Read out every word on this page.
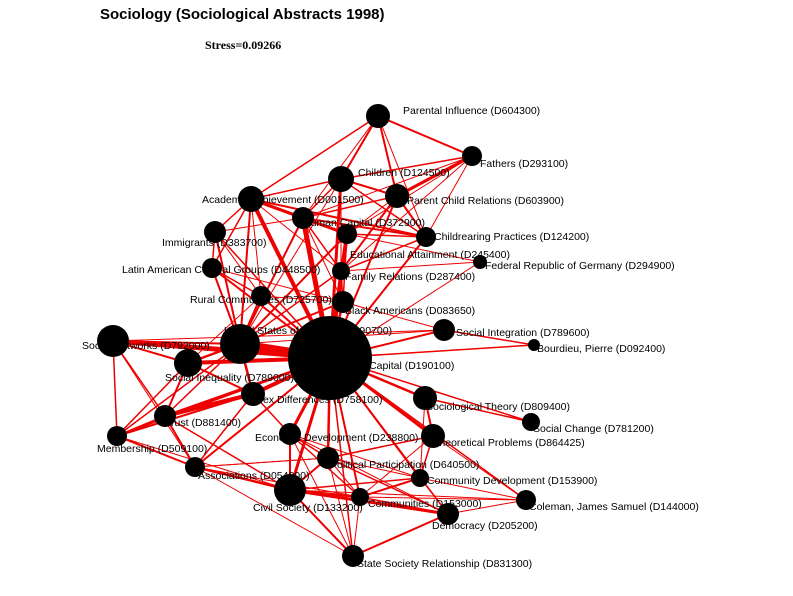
Sociology (Sociological Abstracts 1998)
Stress=0.09266
Parental Influence (D604300)
Fathers (D293100)
Children (D124500)
Parent Child Relations (D603900)
Academic Achievement (D001500)
Human Capital (D372900)
Childrearing Practices (D124200)
Immigrants (D383700)
Educational Attainment (D245400)
Federal Republic of Germany (D294900)
Latin American Cultural Groups (D448500)
Family Relations (D287400)
Rural Communities (D725700)
Black Americans (D083650)
United States of America (D890700)	Social Integration (D789600)
Social Networks (D792000)	Bourdieu, Pierre (D092400)
Cultural Capital (D190100)
Social Inequality (D789000)
Sex Differences (D758100)
Sociological Theory (D809400)
Trust (D881400)	Social Change (D781200)
Membership (D509100)
Economic Development (D238800) Theoretical Problems (D864425)
Political Participation (D640500)
Associations (D054000)	Community Development (D153900)
Communities (D153000)	Coleman, James Samuel (D144000)
Civil Society (D133200)
Democracy (D205200)
State Society Relationship (D831300)
